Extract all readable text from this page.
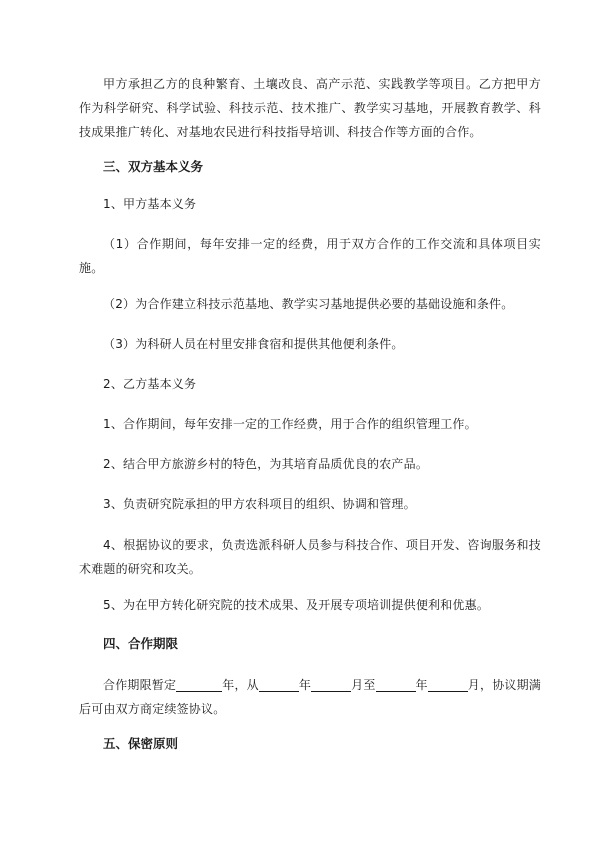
甲方承担乙方的良种繁育、土壤改良、高产示范、实践教学等项目。乙方把甲方作为科学研究、科学试验、科技示范、技术推广、教学实习基地，开展教育教学、科技成果推广转化、对基地农民进行科技指导培训、科技合作等方面的合作。

三、双方基本义务

1、甲方基本义务

（1）合作期间，每年安排一定的经费，用于双方合作的工作交流和具体项目实施。

（2）为合作建立科技示范基地、教学实习基地提供必要的基础设施和条件。

（3）为科研人员在村里安排食宿和提供其他便利条件。

2、乙方基本义务

1、合作期间，每年安排一定的工作经费，用于合作的组织管理工作。

2、结合甲方旅游乡村的特色，为其培育品质优良的农产品。

3、负责研究院承担的甲方农科项目的组织、协调和管理。

4、根据协议的要求，负责选派科研人员参与科技合作、项目开发、咨询服务和技术难题的研究和攻关。

5、为在甲方转化研究院的技术成果、及开展专项培训提供便利和优惠。

四、合作期限

合作期限暂定	年，从	年	月至	年	月，协议期满后可由双方商定续签协议。

五、保密原则
